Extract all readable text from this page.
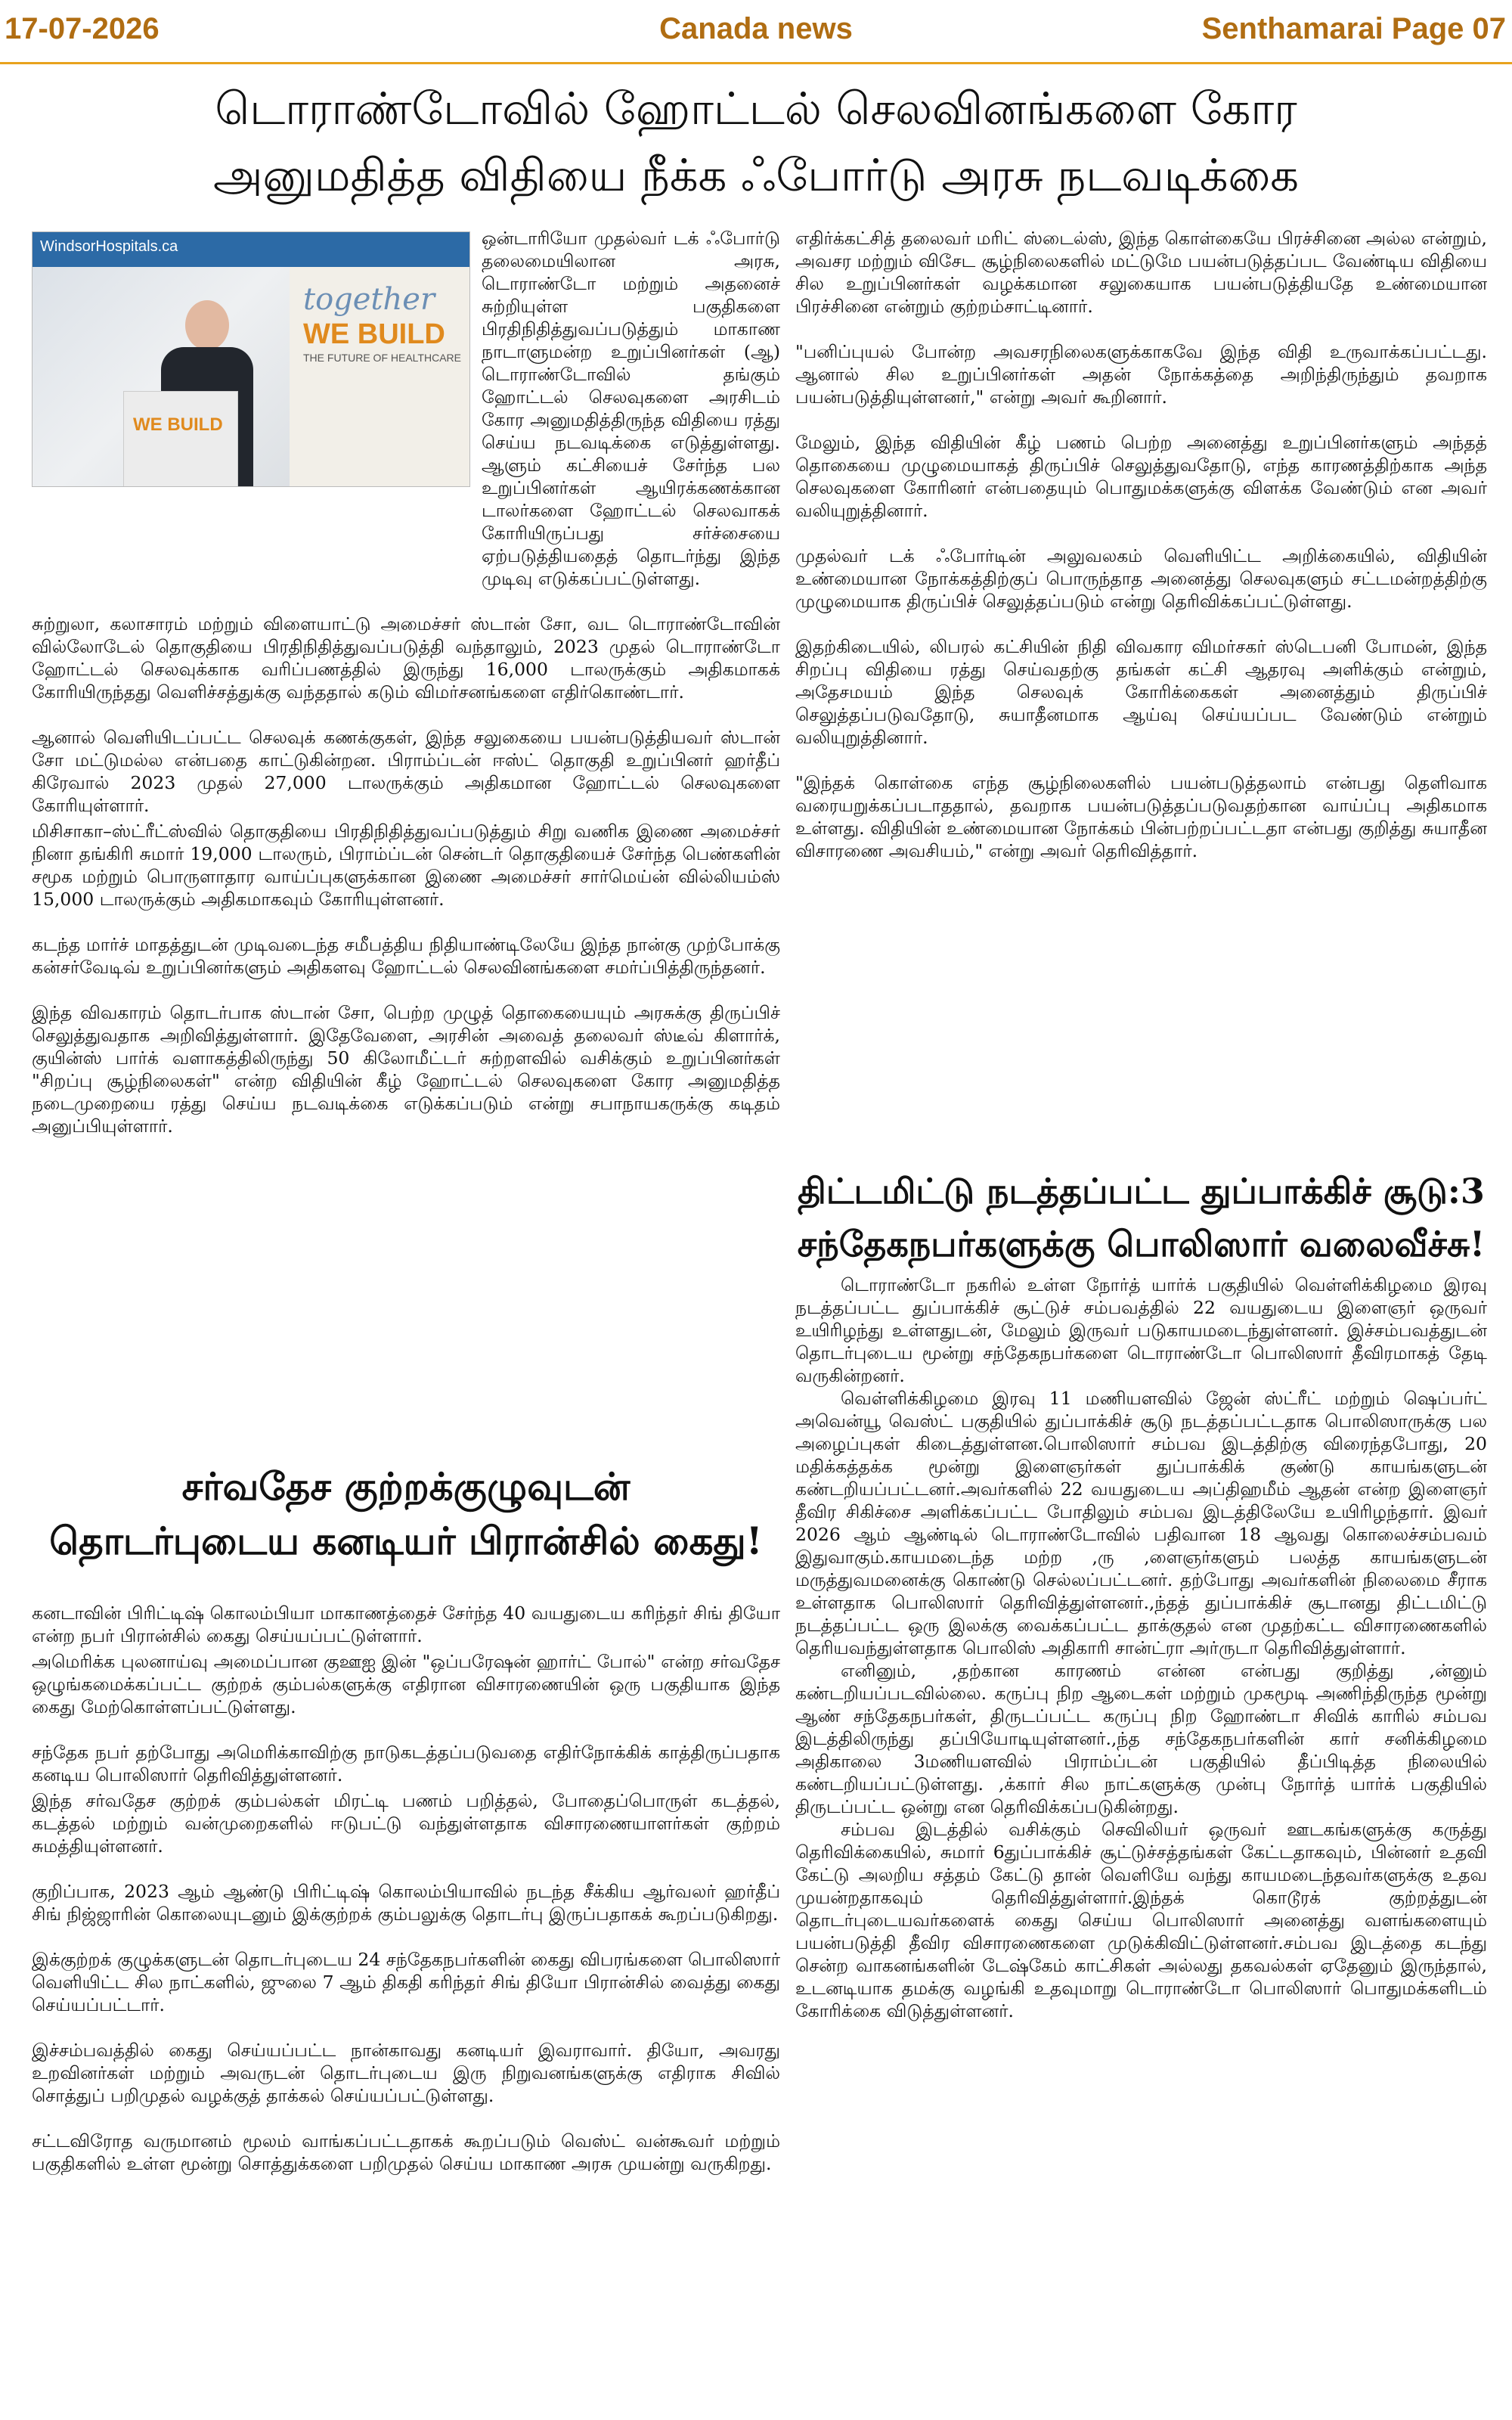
17-07-2026	Canada news	Senthamarai Page 07
டொராண்டோவில் ஹோட்டல் செலவினங்களை கோர
அனுமதித்த விதியை நீக்க ஃபோர்டு அரசு நடவடிக்கை
WindsorHospitals.ca
together
WE BUILD
THE FUTURE OF HEALTHCARE
WE BUILD

ஒன்டாரியோ முதல்வர் டக் ஃபோர்டு தலைமையிலான அரசு, டொராண்டோ மற்றும் அதனைச் சுற்றியுள்ள பகுதிகளை பிரதிநிதித்துவப்படுத்தும் மாகாண நாடாளுமன்ற உறுப்பினர்கள் (ஆ) டொராண்டோவில் தங்கும் ஹோட்டல் செலவுகளை அரசிடம் கோர அனுமதித்திருந்த விதியை ரத்து செய்ய நடவடிக்கை எடுத்துள்ளது. ஆளும் கட்சியைச் சேர்ந்த பல உறுப்பினர்கள் ஆயிரக்கணக்கான டாலர்களை ஹோட்டல் செலவாகக் கோரியிருப்பது சர்ச்சையை ஏற்படுத்தியதைத் தொடர்ந்து இந்த முடிவு எடுக்கப்பட்டுள்ளது.

சுற்றுலா, கலாசாரம் மற்றும் விளையாட்டு அமைச்சர் ஸ்டான் சோ, வட டொராண்டோவின் வில்லோடேல் தொகுதியை பிரதிநிதித்துவப்படுத்தி வந்தாலும், 2023 முதல் டொராண்டோ ஹோட்டல் செலவுக்காக வரிப்பணத்தில் இருந்து 16,000 டாலருக்கும் அதிகமாகக் கோரியிருந்தது வெளிச்சத்துக்கு வந்ததால் கடும் விமர்சனங்களை எதிர்கொண்டார்.

ஆனால் வெளியிடப்பட்ட செலவுக் கணக்குகள், இந்த சலுகையை பயன்படுத்தியவர் ஸ்டான் சோ மட்டுமல்ல என்பதை காட்டுகின்றன. பிராம்ப்டன் ஈஸ்ட் தொகுதி உறுப்பினர் ஹர்தீப் கிரேவால் 2023 முதல் 27,000 டாலருக்கும் அதிகமான ஹோட்டல் செலவுகளை கோரியுள்ளார்.

மிசிசாகா–ஸ்ட்ரீட்ஸ்வில் தொகுதியை பிரதிநிதித்துவப்படுத்தும் சிறு வணிக இணை அமைச்சர் நினா தங்கிரி சுமார் 19,000 டாலரும், பிராம்ப்டன் சென்டர் தொகுதியைச் சேர்ந்த பெண்களின் சமூக மற்றும் பொருளாதார வாய்ப்புகளுக்கான இணை அமைச்சர் சார்மெய்ன் வில்லியம்ஸ் 15,000 டாலருக்கும் அதிகமாகவும் கோரியுள்ளனர்.

கடந்த மார்ச் மாதத்துடன் முடிவடைந்த சமீபத்திய நிதியாண்டிலேயே இந்த நான்கு முற்போக்கு கன்சர்வேடிவ் உறுப்பினர்களும் அதிகளவு ஹோட்டல் செலவினங்களை சமர்ப்பித்திருந்தனர்.

இந்த விவகாரம் தொடர்பாக ஸ்டான் சோ, பெற்ற முழுத் தொகையையும் அரசுக்கு திருப்பிச் செலுத்துவதாக அறிவித்துள்ளார். இதேவேளை, அரசின் அவைத் தலைவர் ஸ்டீவ் கிளார்க், குயின்ஸ் பார்க் வளாகத்திலிருந்து 50 கிலோமீட்டர் சுற்றளவில் வசிக்கும் உறுப்பினர்கள் "சிறப்பு சூழ்நிலைகள்" என்ற விதியின் கீழ் ஹோட்டல் செலவுகளை கோர அனுமதித்த நடைமுறையை ரத்து செய்ய நடவடிக்கை எடுக்கப்படும் என்று சபாநாயகருக்கு கடிதம் அனுப்பியுள்ளார்.

எதிர்க்கட்சித் தலைவர் மரிட் ஸ்டைல்ஸ், இந்த கொள்கையே பிரச்சினை அல்ல என்றும், அவசர மற்றும் விசேட சூழ்நிலைகளில் மட்டுமே பயன்படுத்தப்பட வேண்டிய விதியை சில உறுப்பினர்கள் வழக்கமான சலுகையாக பயன்படுத்தியதே உண்மையான பிரச்சினை என்றும் குற்றம்சாட்டினார்.

"பனிப்புயல் போன்ற அவசரநிலைகளுக்காகவே இந்த விதி உருவாக்கப்பட்டது. ஆனால் சில உறுப்பினர்கள் அதன் நோக்கத்தை அறிந்திருந்தும் தவறாக பயன்படுத்தியுள்ளனர்," என்று அவர் கூறினார்.

மேலும், இந்த விதியின் கீழ் பணம் பெற்ற அனைத்து உறுப்பினர்களும் அந்தத் தொகையை முழுமையாகத் திருப்பிச் செலுத்துவதோடு, எந்த காரணத்திற்காக அந்த செலவுகளை கோரினர் என்பதையும் பொதுமக்களுக்கு விளக்க வேண்டும் என அவர் வலியுறுத்தினார்.

முதல்வர் டக் ஃபோர்டின் அலுவலகம் வெளியிட்ட அறிக்கையில், விதியின் உண்மையான நோக்கத்திற்குப் பொருந்தாத அனைத்து செலவுகளும் சட்டமன்றத்திற்கு முழுமையாக திருப்பிச் செலுத்தப்படும் என்று தெரிவிக்கப்பட்டுள்ளது.

இதற்கிடையில், லிபரல் கட்சியின் நிதி விவகார விமர்சகர் ஸ்டெபனி போமன், இந்த சிறப்பு விதியை ரத்து செய்வதற்கு தங்கள் கட்சி ஆதரவு அளிக்கும் என்றும், அதேசமயம் இந்த செலவுக் கோரிக்கைகள் அனைத்தும் திருப்பிச் செலுத்தப்படுவதோடு, சுயாதீனமாக ஆய்வு செய்யப்பட வேண்டும் என்றும் வலியுறுத்தினார்.

"இந்தக் கொள்கை எந்த சூழ்நிலைகளில் பயன்படுத்தலாம் என்பது தெளிவாக வரையறுக்கப்படாததால், தவறாக பயன்படுத்தப்படுவதற்கான வாய்ப்பு அதிகமாக உள்ளது. விதியின் உண்மையான நோக்கம் பின்பற்றப்பட்டதா என்பது குறித்து சுயாதீன விசாரணை அவசியம்," என்று அவர் தெரிவித்தார்.

சர்வதேச குற்றக்குழுவுடன்
தொடர்புடைய கனடியர் பிரான்சில் கைது!

கனடாவின் பிரிட்டிஷ் கொலம்பியா மாகாணத்தைச் சேர்ந்த 40 வயதுடைய கரிந்தர் சிங் தியோ என்ற நபர் பிரான்சில் கைது செய்யப்பட்டுள்ளார்.

அமெரிக்க புலனாய்வு அமைப்பான குஊஐ இன் "ஒப்பரேஷன் ஹார்ட் போல்" என்ற சர்வதேச ஒழுங்கமைக்கப்பட்ட குற்றக் கும்பல்களுக்கு எதிரான விசாரணையின் ஒரு பகுதியாக இந்த கைது மேற்கொள்ளப்பட்டுள்ளது.

சந்தேக நபர் தற்போது அமெரிக்காவிற்கு நாடுகடத்தப்படுவதை எதிர்நோக்கிக் காத்திருப்பதாக கனடிய பொலிஸார் தெரிவித்துள்ளனர்.

இந்த சர்வதேச குற்றக் கும்பல்கள் மிரட்டி பணம் பறித்தல், போதைப்பொருள் கடத்தல், கடத்தல் மற்றும் வன்முறைகளில் ஈடுபட்டு வந்துள்ளதாக விசாரணையாளர்கள் குற்றம் சுமத்தியுள்ளனர்.

குறிப்பாக, 2023 ஆம் ஆண்டு பிரிட்டிஷ் கொலம்பியாவில் நடந்த சீக்கிய ஆர்வலர் ஹர்தீப் சிங் நிஜ்ஜாரின் கொலையுடனும் இக்குற்றக் கும்பலுக்கு தொடர்பு இருப்பதாகக் கூறப்படுகிறது.

இக்குற்றக் குழுக்களுடன் தொடர்புடைய 24 சந்தேகநபர்களின் கைது விபரங்களை பொலிஸார் வெளியிட்ட சில நாட்களில், ஜுலை 7 ஆம் திகதி கரிந்தர் சிங் தியோ பிரான்சில் வைத்து கைது செய்யப்பட்டார்.

இச்சம்பவத்தில் கைது செய்யப்பட்ட நான்காவது கனடியர் இவராவார். தியோ, அவரது உறவினர்கள் மற்றும் அவருடன் தொடர்புடைய இரு நிறுவனங்களுக்கு எதிராக சிவில் சொத்துப் பறிமுதல் வழக்குத் தாக்கல் செய்யப்பட்டுள்ளது.

சட்டவிரோத வருமானம் மூலம் வாங்கப்பட்டதாகக் கூறப்படும் வெஸ்ட் வன்கூவர் மற்றும் பகுதிகளில் உள்ள மூன்று சொத்துக்களை பறிமுதல் செய்ய மாகாண அரசு முயன்று வருகிறது.

திட்டமிட்டு நடத்தப்பட்ட துப்பாக்கிச் சூடு:3
சந்தேகநபர்களுக்கு பொலிஸார் வலைவீச்சு!

டொராண்டோ நகரில் உள்ள நோர்த் யார்க் பகுதியில் வெள்ளிக்கிழமை இரவு நடத்தப்பட்ட துப்பாக்கிச் சூட்டுச் சம்பவத்தில் 22 வயதுடைய இளைஞர் ஒருவர் உயிரிழந்து உள்ளதுடன், மேலும் இருவர் படுகாயமடைந்துள்ளனர். இச்சம்பவத்துடன் தொடர்புடைய மூன்று சந்தேகநபர்களை டொராண்டோ பொலிஸார் தீவிரமாகத் தேடி வருகின்றனர்.

வெள்ளிக்கிழமை இரவு 11 மணியளவில் ஜேன் ஸ்ட்ரீட் மற்றும் ஷெப்பர்ட் அவென்யூ வெஸ்ட் பகுதியில் துப்பாக்கிச் சூடு நடத்தப்பட்டதாக பொலிஸாருக்கு பல அழைப்புகள் கிடைத்துள்ளன.பொலிஸார் சம்பவ இடத்திற்கு விரைந்தபோது, 20 மதிக்கத்தக்க மூன்று இளைஞர்கள் துப்பாக்கிக் குண்டு காயங்களுடன் கண்டறியப்பட்டனர்.அவர்களில் 22 வயதுடைய அப்திஹமீம் ஆதன் என்ற இளைஞர் தீவிர சிகிச்சை அளிக்கப்பட்ட போதிலும் சம்பவ இடத்திலேயே உயிரிழந்தார். இவர் 2026 ஆம் ஆண்டில் டொராண்டோவில் பதிவான 18 ஆவது கொலைச்சம்பவம் இதுவாகும்.காயமடைந்த மற்ற ,ரு ,ளைஞர்களும் பலத்த காயங்களுடன் மருத்துவமனைக்கு கொண்டு செல்லப்பட்டனர். தற்போது அவர்களின் நிலைமை சீராக உள்ளதாக பொலிஸார் தெரிவித்துள்ளனர்.,ந்தத் துப்பாக்கிச் சூடானது திட்டமிட்டு நடத்தப்பட்ட ஒரு இலக்கு வைக்கப்பட்ட தாக்குதல் என முதற்கட்ட விசாரணைகளில் தெரியவந்துள்ளதாக பொலிஸ் அதிகாரி சான்ட்ரா அர்ருடா தெரிவித்துள்ளார்.

எனினும், ,தற்கான காரணம் என்ன என்பது குறித்து ,ன்னும் கண்டறியப்படவில்லை. கருப்பு நிற ஆடைகள் மற்றும் முகமூடி அணிந்திருந்த மூன்று ஆண் சந்தேகநபர்கள், திருடப்பட்ட கருப்பு நிற ஹோண்டா சிவிக் காரில் சம்பவ இடத்திலிருந்து தப்பியோடியுள்ளனர்.,ந்த சந்தேகநபர்களின் கார் சனிக்கிழமை அதிகாலை 3மணியளவில் பிராம்ப்டன் பகுதியில் தீப்பிடித்த நிலையில் கண்டறியப்பட்டுள்ளது. ,க்கார் சில நாட்களுக்கு முன்பு நோர்த் யார்க் பகுதியில் திருடப்பட்ட ஒன்று என தெரிவிக்கப்படுகின்றது.

சம்பவ இடத்தில் வசிக்கும் செவிலியர் ஒருவர் ஊடகங்களுக்கு கருத்து தெரிவிக்கையில், சுமார் 6துப்பாக்கிச் சூட்டுச்சத்தங்கள் கேட்டதாகவும், பின்னர் உதவி கேட்டு அலறிய சத்தம் கேட்டு தான் வெளியே வந்து காயமடைந்தவர்களுக்கு உதவ முயன்றதாகவும் தெரிவித்துள்ளார்.இந்தக் கொடூரக் குற்றத்துடன் தொடர்புடையவர்களைக் கைது செய்ய பொலிஸார் அனைத்து வளங்களையும் பயன்படுத்தி தீவிர விசாரணைகளை முடுக்கிவிட்டுள்ளனர்.சம்பவ இடத்தை கடந்து சென்ற வாகனங்களின் டேஷ்கேம் காட்சிகள் அல்லது தகவல்கள் ஏதேனும் இருந்தால், உடனடியாக தமக்கு வழங்கி உதவுமாறு டொராண்டோ பொலிஸார் பொதுமக்களிடம் கோரிக்கை விடுத்துள்ளனர்.
